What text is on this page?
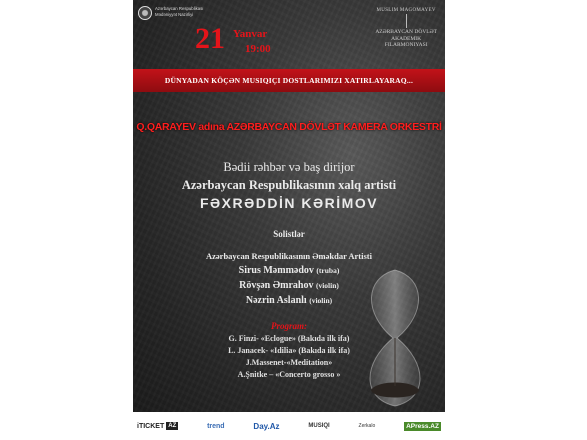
Azərbaycan Respublikası
Mədəniyyət Nazirliyi
21 Yanvar
19:00
MUSLIM MAGOMAYEV
AZƏRBAYCAN DÖVLƏT
AKADEMIK
FILARMONIYASI
DÜNYADAN KÖÇƏN MUSIQIÇI DOSTLARIMIZI XATIRLAYARAQ...
Q.QARAYEV adına AZƏRBAYCAN DÖVLƏT KAMERA ORKESTRİ
Bədii rəhbər və baş dirijor
Azərbaycan Respublikasının xalq artisti
FƏXRƏDDİN KƏRİMOV
Solistlər
Azərbaycan Respublikasının Əməkdar Artisti
Sirus Məmmədov (truba)
Rövşən Əmrahov (violin)
Nəzrin Aslanlı (violin)
Program:
G. Finzi- «Eclogue» (Bakıda ilk ifa)
L. Janacek- «Idilia» (Bakıda ilk ifa)
J.Massenet-«Meditation»
A.Şnitke – «Concerto grosso »
iTICKET AZ	trend	Day.Az	MUSIQI	Zerkalo	APress.AZ
